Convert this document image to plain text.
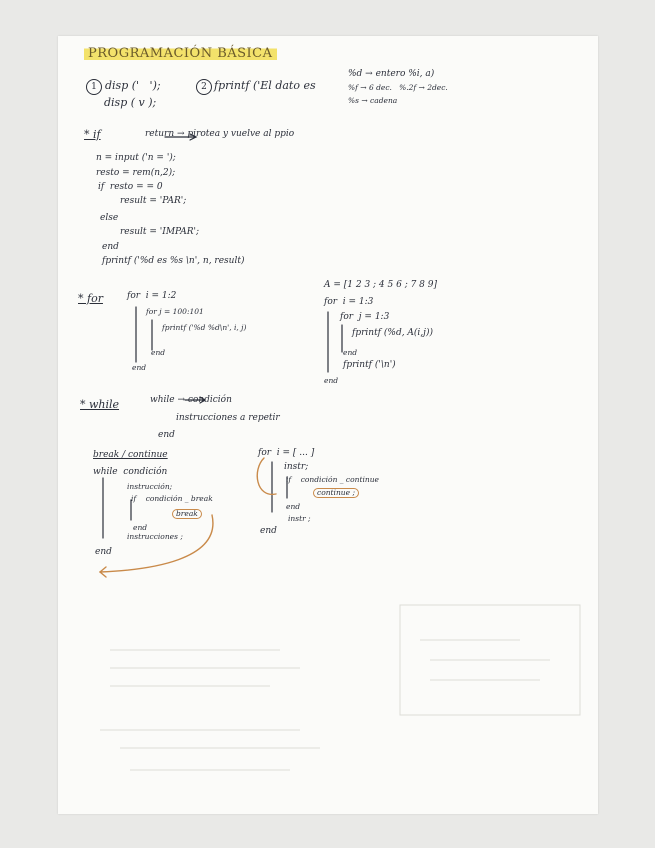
PROGRAMACIÓN BÁSICA
1 disp ('   ');
disp ( v );
2 fprintf ('El dato es
%d → entero %i, a)
%f → 6 dec.   %.2f → 2dec.
%s → cadena
* if	return → pirotea y vuelve al ppio
n = input ('n = ');
resto = rem(n,2);
if  resto = = 0
result = 'PAR';
else
result = 'IMPAR';
end
fprintf ('%d es %s \n', n, result)
* for	for  i = 1:2
for j = 100:101
fprintf ('%d %d\n', i, j)
end
end
A = [1 2 3 ; 4 5 6 ; 7 8 9]
for  i = 1:3
for  j = 1:3
fprintf (%d, A(i,j))
end
fprintf ('\n')
end
* while	while → condición
instrucciones a repetir
end
break / continue
while  condición
instrucción;
if    condición _ break
break
end
instrucciones ;
end
for  i = [ ... ]
instr;
if    condición _ continue
continue ;
end
instr ;
end
